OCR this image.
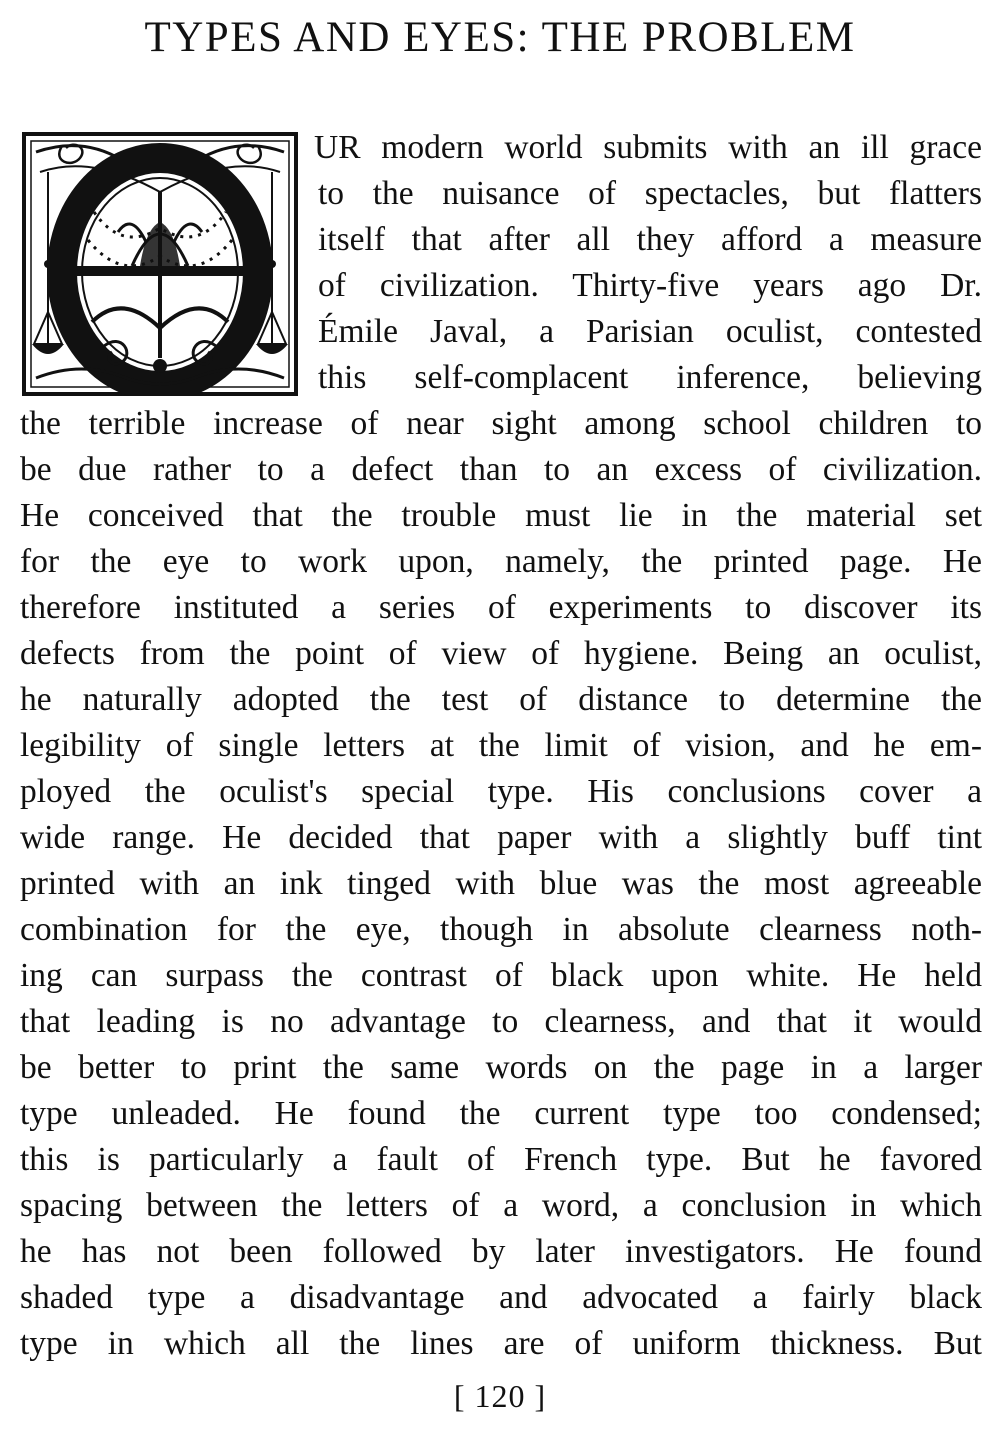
TYPES AND EYES: THE PROBLEM
UR modern world submits with an ill grace
to the nuisance of spectacles, but flatters
itself that after all they afford a measure
of civilization. Thirty-five years ago Dr.
Émile Javal, a Parisian oculist, contested
this self-complacent inference, believing
the terrible increase of near sight among school children to
be due rather to a defect than to an excess of civilization.
He conceived that the trouble must lie in the material set
for the eye to work upon, namely, the printed page. He
therefore instituted a series of experiments to discover its
defects from the point of view of hygiene. Being an oculist,
he naturally adopted the test of distance to determine the
legibility of single letters at the limit of vision, and he em-
ployed the oculist's special type. His conclusions cover a
wide range. He decided that paper with a slightly buff tint
printed with an ink tinged with blue was the most agreeable
combination for the eye, though in absolute clearness noth-
ing can surpass the contrast of black upon white. He held
that leading is no advantage to clearness, and that it would
be better to print the same words on the page in a larger
type unleaded. He found the current type too condensed;
this is particularly a fault of French type. But he favored
spacing between the letters of a word, a conclusion in which
he has not been followed by later investigators. He found
shaded type a disadvantage and advocated a fairly black
type in which all the lines are of uniform thickness. But
[ 120 ]
